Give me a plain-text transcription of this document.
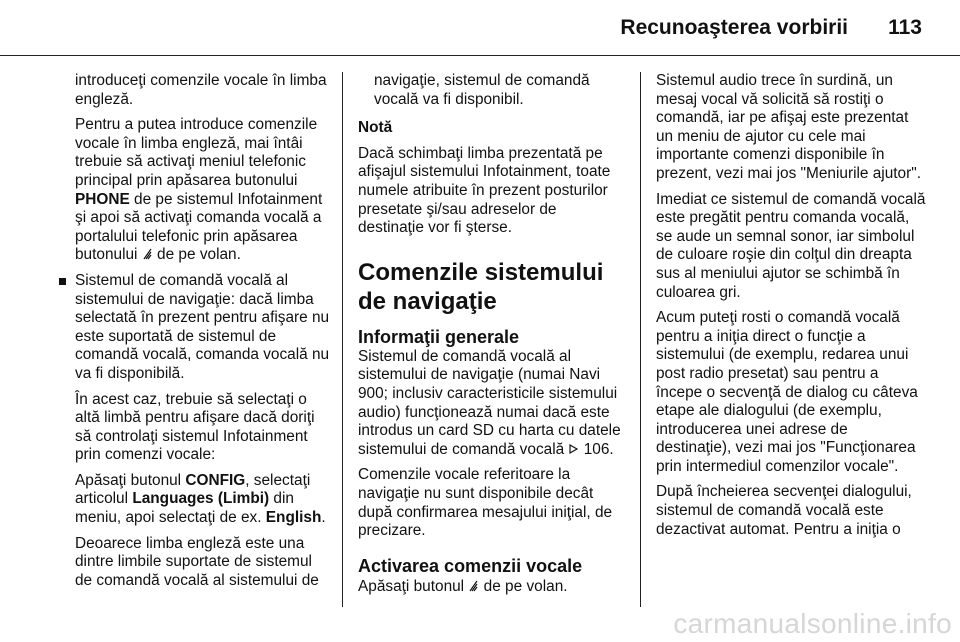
Recunoaşterea vorbirii 113

introduceţi comenzile vocale în limba engleză.

Pentru a putea introduce comenzile vocale în limba engleză, mai întâi trebuie să activaţi meniul telefonic principal prin apăsarea butonului PHONE de pe sistemul Infotainment şi apoi să activaţi comanda vocală a portalului telefonic prin apăsarea butonului  de pe volan.

Sistemul de comandă vocală al sistemului de navigaţie: dacă limba selectată în prezent pentru afişare nu este suportată de sistemul de comandă vocală, comanda vocală nu va fi disponibilă.

În acest caz, trebuie să selectaţi o altă limbă pentru afişare dacă doriţi să controlaţi sistemul Infotainment prin comenzi vocale:

Apăsaţi butonul CONFIG, selectaţi articolul Languages (Limbi) din meniu, apoi selectaţi de ex. English.

Deoarece limba engleză este una dintre limbile suportate de sistemul de comandă vocală al sistemului de

navigaţie, sistemul de comandă vocală va fi disponibil.

Notă

Dacă schimbaţi limba prezentată pe afişajul sistemului Infotainment, toate numele atribuite în prezent posturilor presetate şi/sau adreselor de destinaţie vor fi şterse.

Comenzile sistemului de navigaţie
Informaţii generale

Sistemul de comandă vocală al sistemului de navigaţie (numai Navi 900; inclusiv caracteristicile sistemului audio) funcţionează numai dacă este introdus un card SD cu harta cu datele sistemului de comandă vocală  106.

Comenzile vocale referitoare la navigaţie nu sunt disponibile decât după confirmarea mesajului iniţial, de precizare.

Activarea comenzii vocale

Apăsaţi butonul  de pe volan.

Sistemul audio trece în surdină, un mesaj vocal vă solicită să rostiţi o comandă, iar pe afişaj este prezentat un meniu de ajutor cu cele mai importante comenzi disponibile în prezent, vezi mai jos "Meniurile ajutor".

Imediat ce sistemul de comandă vocală este pregătit pentru comanda vocală, se aude un semnal sonor, iar simbolul de culoare roşie din colţul din dreapta sus al meniului ajutor se schimbă în culoarea gri.

Acum puteţi rosti o comandă vocală pentru a iniţia direct o funcţie a sistemului (de exemplu, redarea unui post radio presetat) sau pentru a începe o secvenţă de dialog cu câteva etape ale dialogului (de exemplu, introducerea unei adrese de destinaţie), vezi mai jos "Funcţionarea prin intermediul comenzilor vocale".

După încheierea secvenţei dialogului, sistemul de comandă vocală este dezactivat automat. Pentru a iniţia o

carmanualsonline.info
